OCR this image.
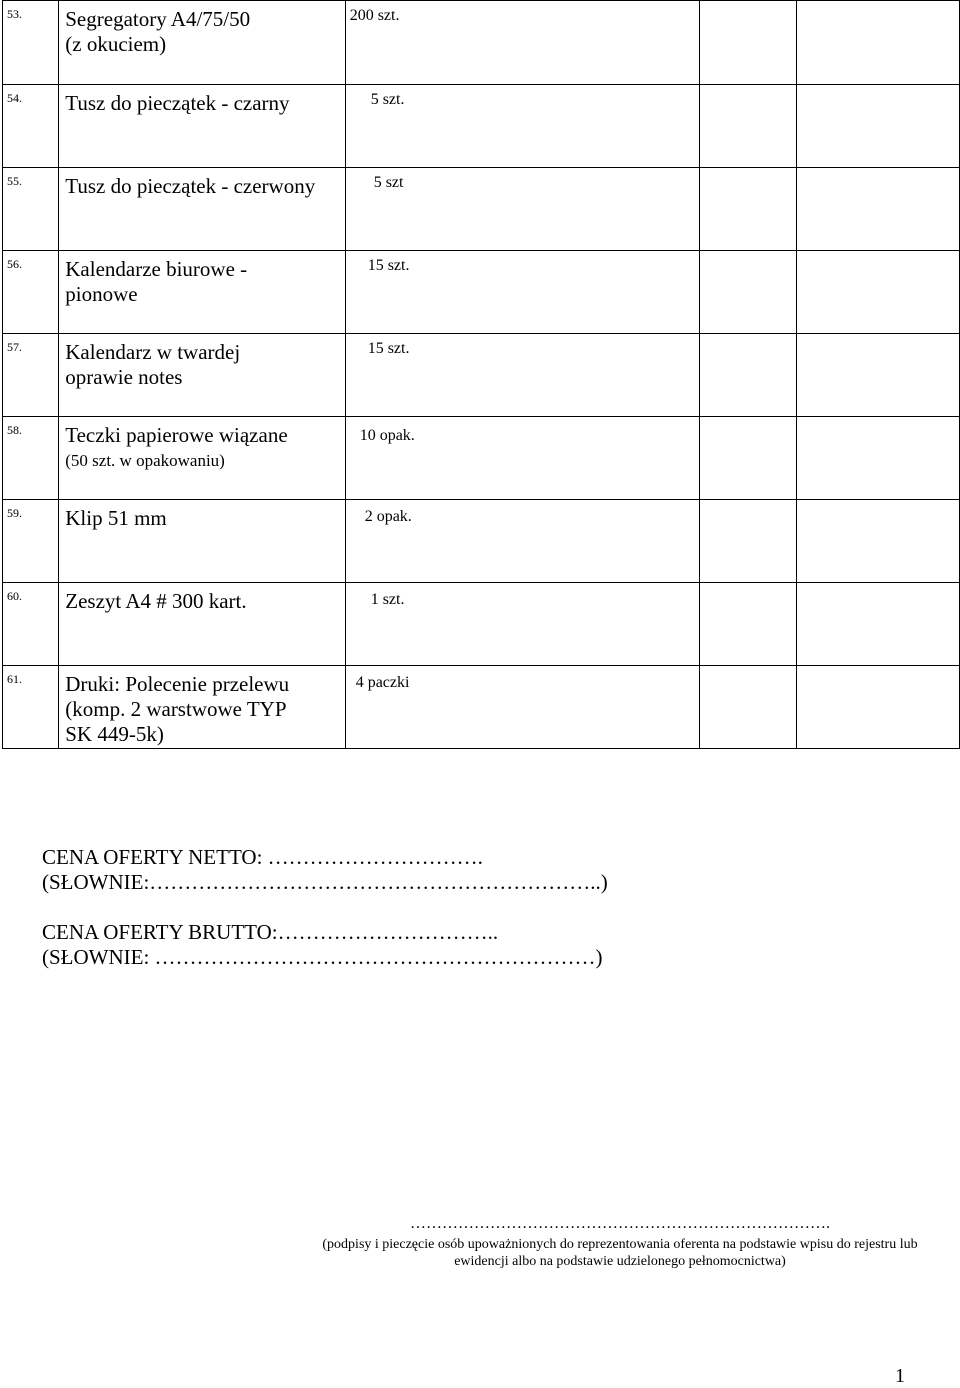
53.	Segregatory A4/75/50
(z okuciem)	200 szt.		
54.	Tusz do pieczątek - czarny	5 szt.		
55.	Tusz do pieczątek - czerwony	5 szt		
56.	Kalendarze biurowe -
pionowe	15 szt.		
57.	Kalendarz w twardej
oprawie notes	15 szt.		
58.	Teczki papierowe wiązane
(50 szt. w opakowaniu)	10 opak.		
59.	Klip 51 mm	2 opak.		
60.	Zeszyt A4 # 300 kart.	1 szt.		
61.	Druki: Polecenie przelewu
(komp. 2 warstwowe TYP
SK 449-5k)	4 paczki		
CENA OFERTY NETTO: ………………………….
(SŁOWNIE:………………………………………………………..)
CENA OFERTY BRUTTO:…………………………..
(SŁOWNIE: ………………………………………………………)
…………………………………………………………………….
(podpisy i pieczęcie osób upoważnionych do reprezentowania oferenta na podstawie wpisu do rejestru lub
ewidencji albo na podstawie udzielonego pełnomocnictwa)
1
